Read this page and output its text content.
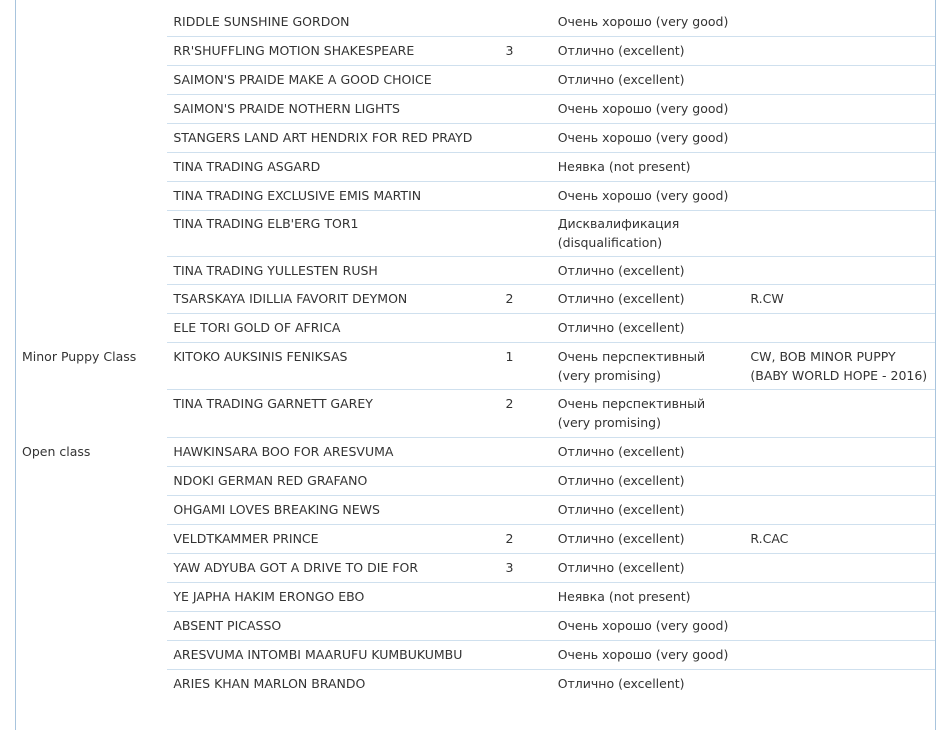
	RIDDLE SUNSHINE GORDON		Очень хорошо (very good)	
	RR'SHUFFLING MOTION SHAKESPEARE	3	Отлично (excellent)	
	SAIMON'S PRAIDE MAKE A GOOD CHOICE		Отлично (excellent)	
	SAIMON'S PRAIDE NOTHERN LIGHTS		Очень хорошо (very good)	
	STANGERS LAND ART HENDRIX FOR RED PRAYD		Очень хорошо (very good)	
	TINA TRADING ASGARD		Неявка (not present)	
	TINA TRADING EXCLUSIVE EMIS MARTIN		Очень хорошо (very good)	
	TINA TRADING ELB'ERG TOR1		Дисквалификация (disqualification)	
	TINA TRADING YULLESTEN RUSH		Отлично (excellent)	
	TSARSKAYA IDILLIA FAVORIT DEYMON	2	Отлично (excellent)	R.CW
	ELE TORI GOLD OF AFRICA		Отлично (excellent)	
Minor Puppy Class	KITOKO AUKSINIS FENIKSAS	1	Очень перспективный (very promising)	CW, BOB MINOR PUPPY (BABY WORLD HOPE - 2016)
	TINA TRADING GARNETT GAREY	2	Очень перспективный (very promising)	
Open class	HAWKINSARA BOO FOR ARESVUMA		Отлично (excellent)	
	NDOKI GERMAN RED GRAFANO		Отлично (excellent)	
	OHGAMI LOVES BREAKING NEWS		Отлично (excellent)	
	VELDTKAMMER PRINCE	2	Отлично (excellent)	R.CAC
	YAW ADYUBA GOT A DRIVE TO DIE FOR	3	Отлично (excellent)	
	YE JAPHA HAKIM ERONGO EBO		Неявка (not present)	
	ABSENT PICASSO		Очень хорошо (very good)	
	ARESVUMA INTOMBI MAARUFU KUMBUKUMBU		Очень хорошо (very good)	
	ARIES KHAN MARLON BRANDO		Отлично (excellent)	
